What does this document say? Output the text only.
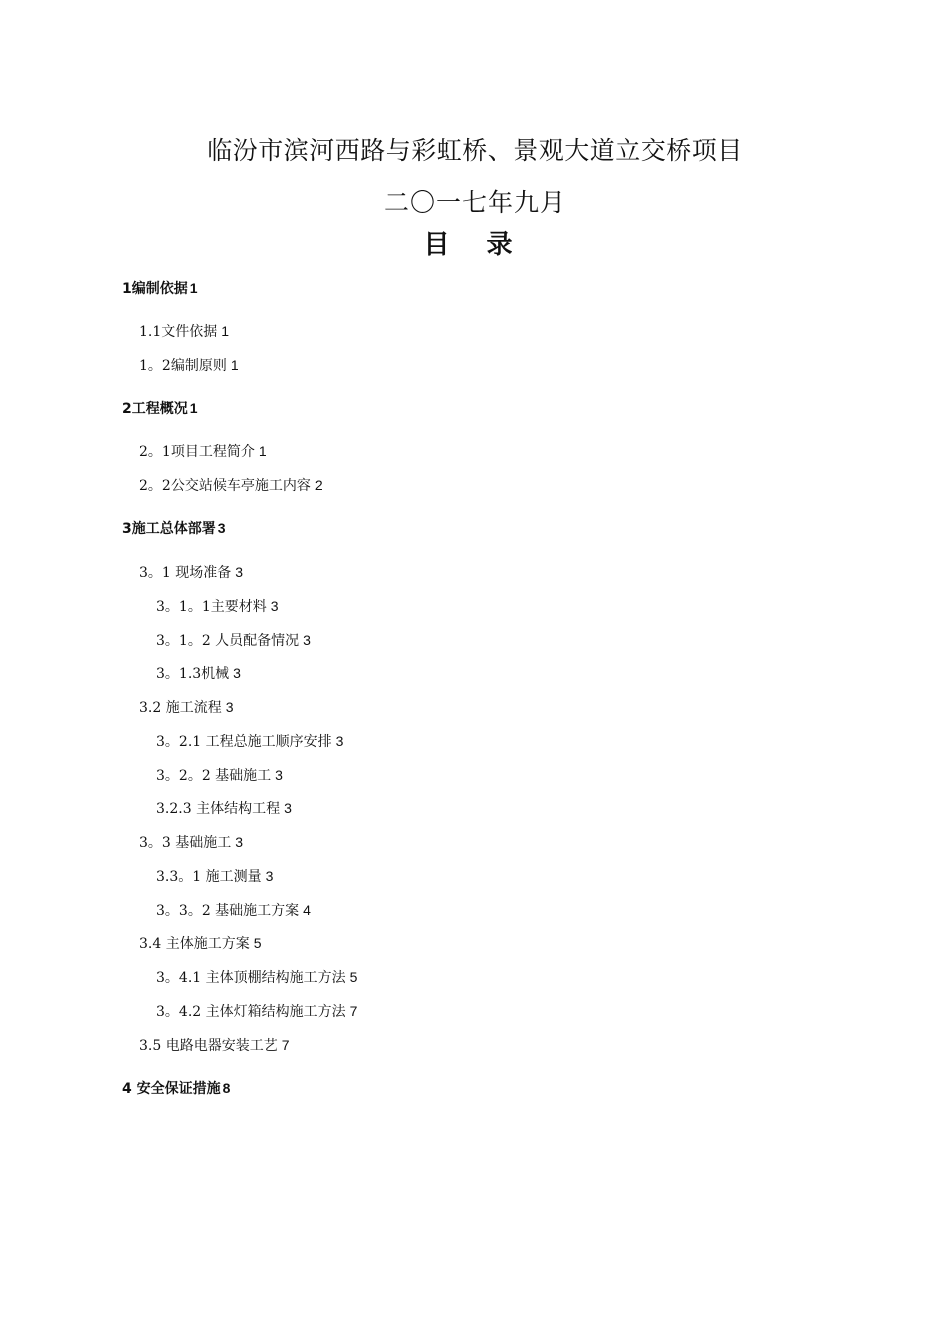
临汾市滨河西路与彩虹桥、景观大道立交桥项目
二〇一七年九月
目 录
1编制依据 1
1.1文件依据 1
1。2编制原则 1
2工程概况 1
2。1项目工程简介 1
2。2公交站候车亭施工内容 2
3施工总体部署 3
3。1 现场准备 3
3。1。1主要材料 3
3。1。2 人员配备情况 3
3。1.3机械 3
3.2 施工流程 3
3。2.1 工程总施工顺序安排 3
3。2。2 基础施工 3
3.2.3 主体结构工程 3
3。3 基础施工 3
3.3。1 施工测量 3
3。3。2 基础施工方案 4
3.4 主体施工方案 5
3。4.1 主体顶棚结构施工方法 5
3。4.2 主体灯箱结构施工方法 7
3.5 电路电器安装工艺 7
4 安全保证措施 8
